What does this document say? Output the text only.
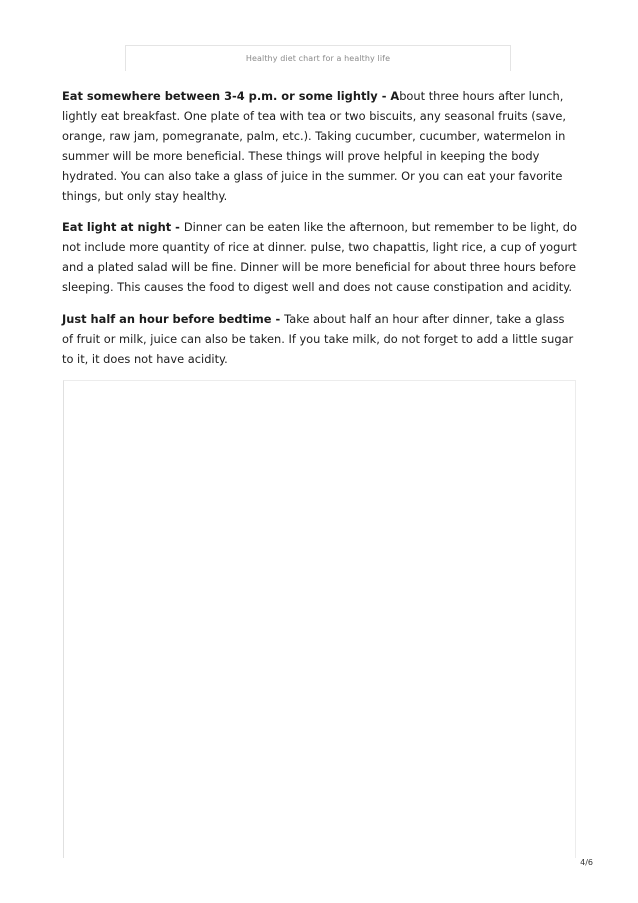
Healthy diet chart for a healthy life

Eat somewhere between 3-4 p.m. or some lightly - About three hours after lunch, lightly eat breakfast. One plate of tea with tea or two biscuits, any seasonal fruits (save, orange, raw jam, pomegranate, palm, etc.). Taking cucumber, cucumber, watermelon in summer will be more beneficial. These things will prove helpful in keeping the body hydrated. You can also take a glass of juice in the summer. Or you can eat your favorite things, but only stay healthy.

Eat light at night - Dinner can be eaten like the afternoon, but remember to be light, do not include more quantity of rice at dinner. pulse, two chapattis, light rice, a cup of yogurt and a plated salad will be fine. Dinner will be more beneficial for about three hours before sleeping. This causes the food to digest well and does not cause constipation and acidity.

Just half an hour before bedtime - Take about half an hour after dinner, take a glass of fruit or milk, juice can also be taken. If you take milk, do not forget to add a little sugar to it, it does not have acidity.

4/6
